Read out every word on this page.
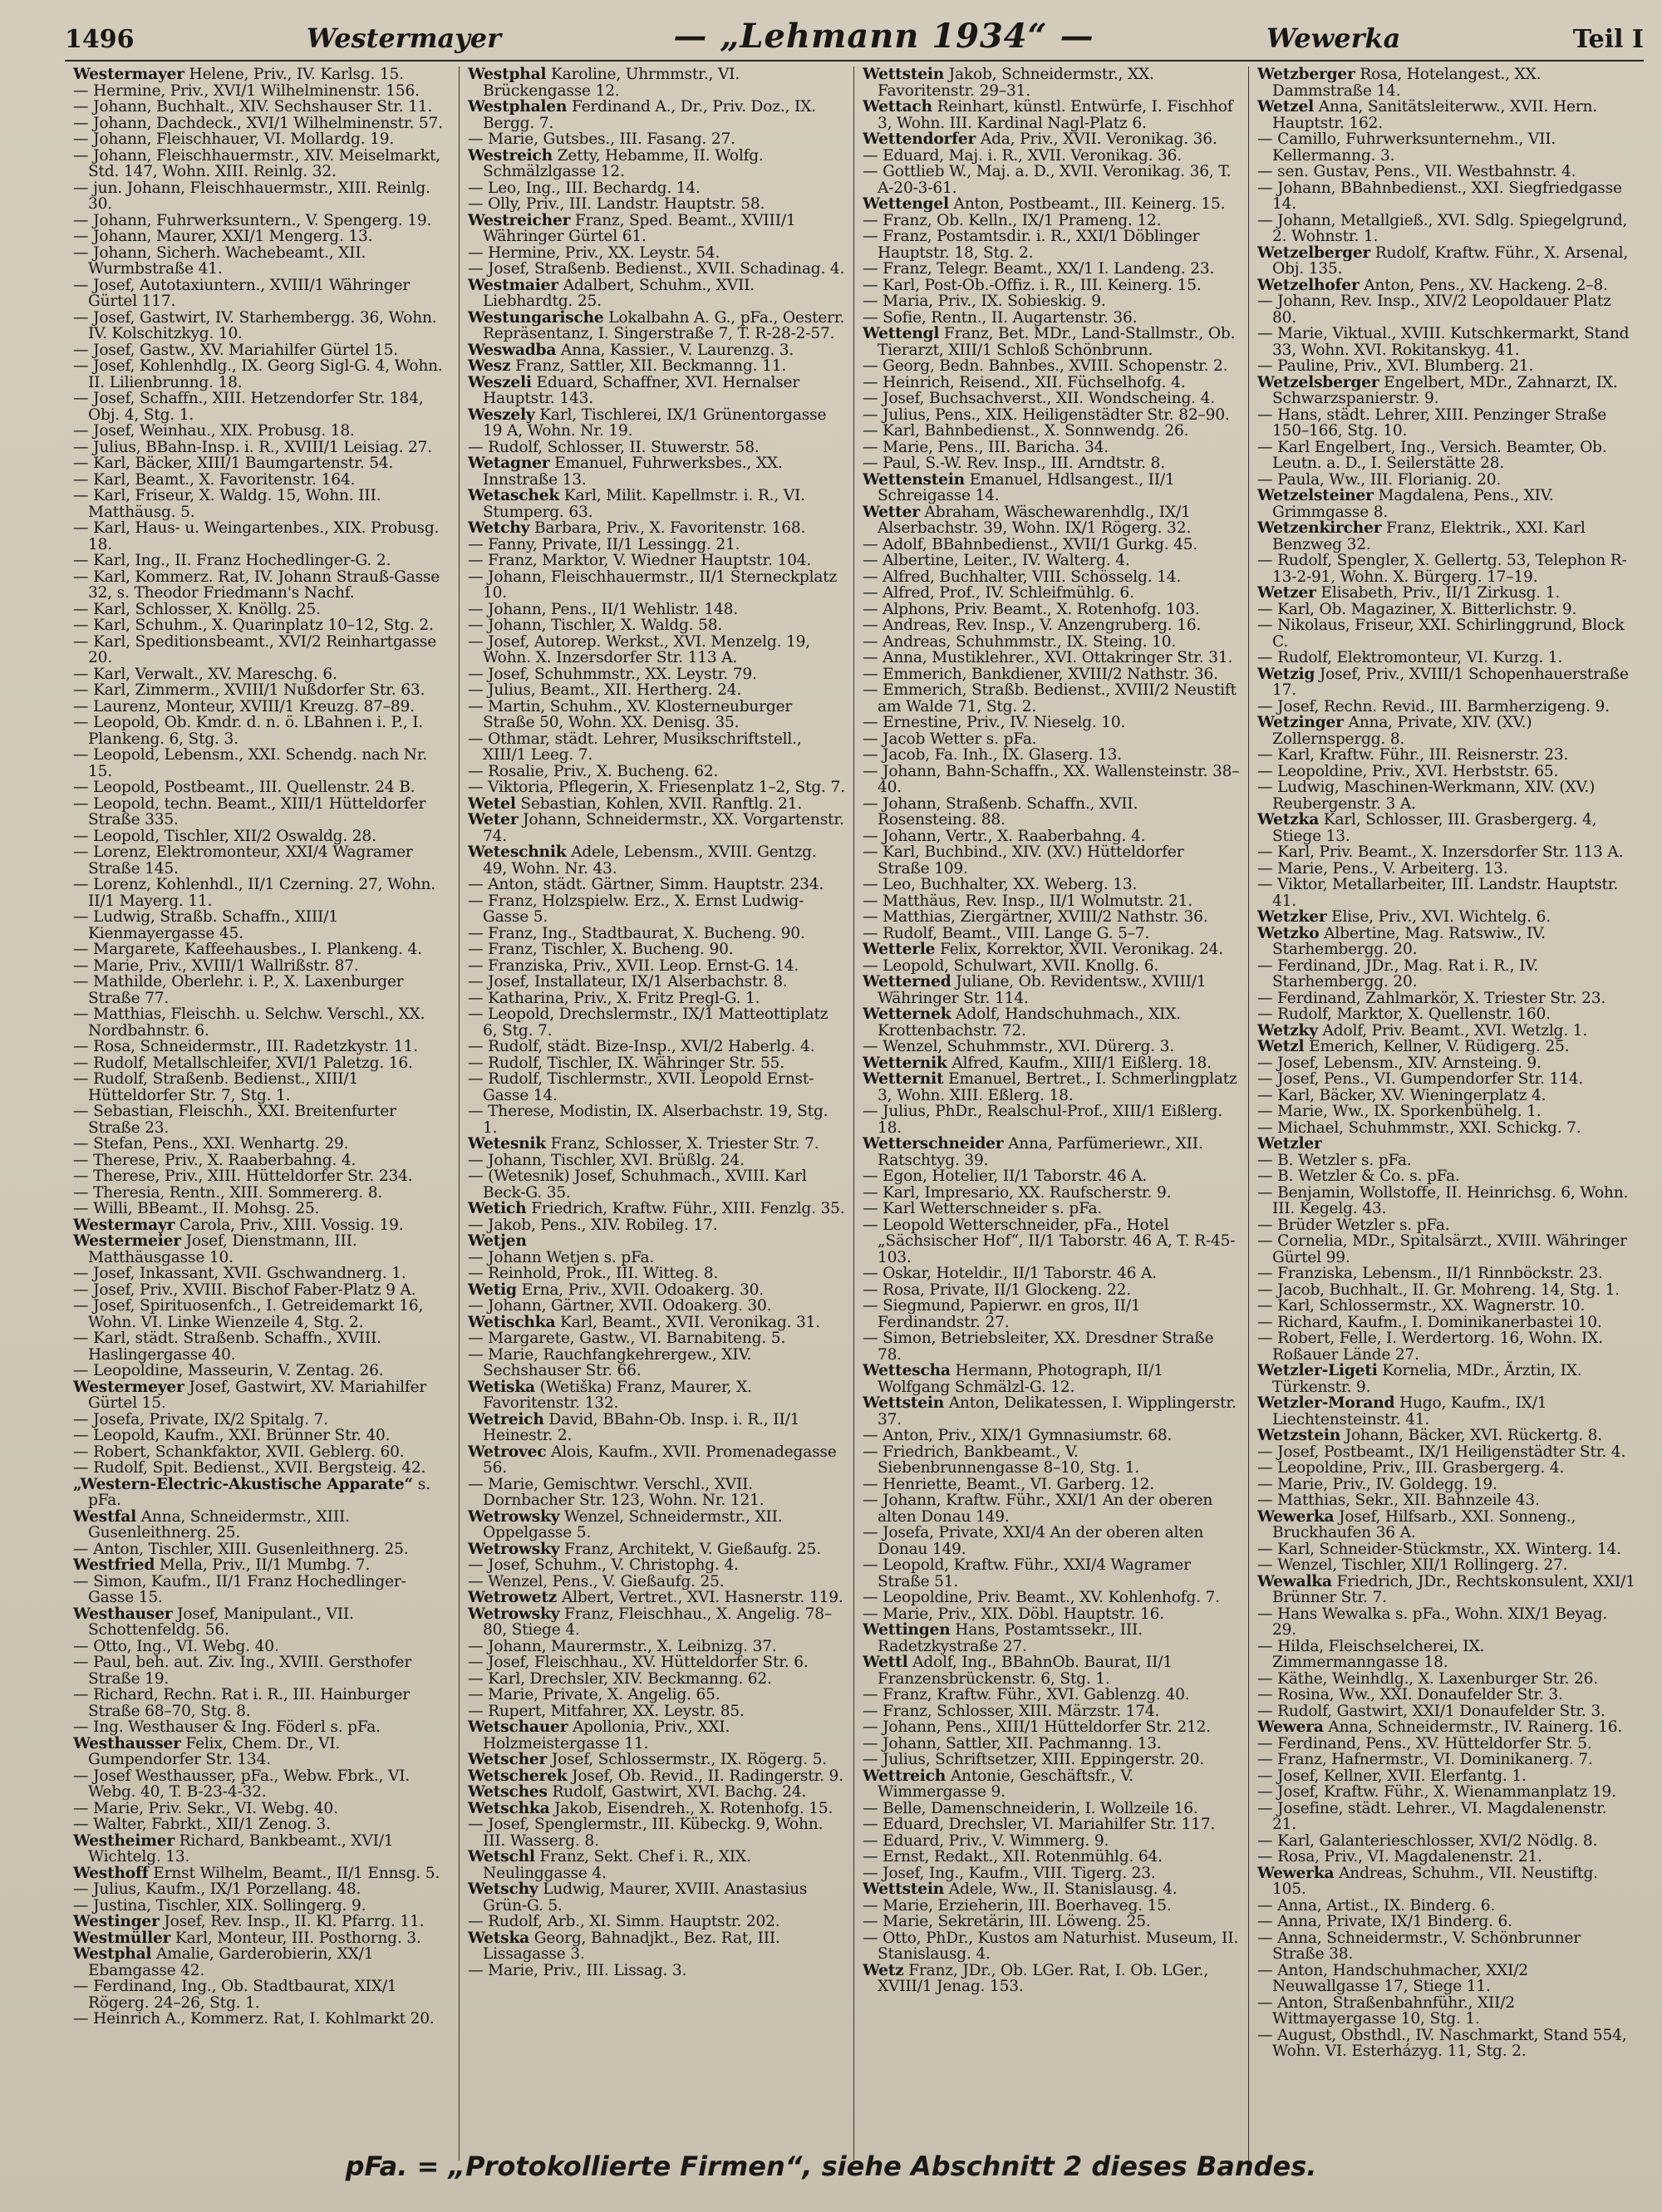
1496	Westermayer	— „Lehmann 1934“ —	Wewerka	Teil I
Westermayer Helene, Priv., IV. Karlsg. 15.
— Hermine, Priv., XVI/1 Wilhelminenstr. 156.
— Johann, Buchhalt., XIV. Sechshauser Str. 11.
— Johann, Dachdeck., XVI/1 Wilhelminenstr. 57.
— Johann, Fleischhauer, VI. Mollardg. 19.
— Johann, Fleischhauermstr., XIV. Meiselmarkt, Std. 147, Wohn. XIII. Reinlg. 32.
— jun. Johann, Fleischhauermstr., XIII. Reinlg. 30.
— Johann, Fuhrwerksuntern., V. Spengerg. 19.
— Johann, Maurer, XXI/1 Mengerg. 13.
— Johann, Sicherh. Wachebeamt., XII. Wurmbstraße 41.
— Josef, Autotaxiuntern., XVIII/1 Währinger Gürtel 117.
— Josef, Gastwirt, IV. Starhembergg. 36, Wohn. IV. Kolschitzkyg. 10.
— Josef, Gastw., XV. Mariahilfer Gürtel 15.
— Josef, Kohlenhdlg., IX. Georg Sigl-G. 4, Wohn. II. Lilienbrunng. 18.
— Josef, Schaffn., XIII. Hetzendorfer Str. 184, Obj. 4, Stg. 1.
— Josef, Weinhau., XIX. Probusg. 18.
— Julius, BBahn-Insp. i. R., XVIII/1 Leisiag. 27.
— Karl, Bäcker, XIII/1 Baumgartenstr. 54.
— Karl, Beamt., X. Favoritenstr. 164.
— Karl, Friseur, X. Waldg. 15, Wohn. III. Matthäusg. 5.
— Karl, Haus- u. Weingartenbes., XIX. Probusg. 18.
— Karl, Ing., II. Franz Hochedlinger-G. 2.
— Karl, Kommerz. Rat, IV. Johann Strauß-Gasse 32, s. Theodor Friedmann's Nachf.
— Karl, Schlosser, X. Knöllg. 25.
— Karl, Schuhm., X. Quarinplatz 10–12, Stg. 2.
— Karl, Speditionsbeamt., XVI/2 Reinhartgasse 20.
— Karl, Verwalt., XV. Mareschg. 6.
— Karl, Zimmerm., XVIII/1 Nußdorfer Str. 63.
— Laurenz, Monteur, XVIII/1 Kreuzg. 87–89.
— Leopold, Ob. Kmdr. d. n. ö. LBahnen i. P., I. Plankeng. 6, Stg. 3.
— Leopold, Lebensm., XXI. Schendg. nach Nr. 15.
— Leopold, Postbeamt., III. Quellenstr. 24 B.
— Leopold, techn. Beamt., XIII/1 Hütteldorfer Straße 335.
— Leopold, Tischler, XII/2 Oswaldg. 28.
— Lorenz, Elektromonteur, XXI/4 Wagramer Straße 145.
— Lorenz, Kohlenhdl., II/1 Czerning. 27, Wohn. II/1 Mayerg. 11.
— Ludwig, Straßb. Schaffn., XIII/1 Kienmayergasse 45.
— Margarete, Kaffeehausbes., I. Plankeng. 4.
— Marie, Priv., XVIII/1 Wallrißstr. 87.
— Mathilde, Oberlehr. i. P., X. Laxenburger Straße 77.
— Matthias, Fleischh. u. Selchw. Verschl., XX. Nordbahnstr. 6.
— Rosa, Schneidermstr., III. Radetzkystr. 11.
— Rudolf, Metallschleifer, XVI/1 Paletzg. 16.
— Rudolf, Straßenb. Bedienst., XIII/1 Hütteldorfer Str. 7, Stg. 1.
— Sebastian, Fleischh., XXI. Breitenfurter Straße 23.
— Stefan, Pens., XXI. Wenhartg. 29.
— Therese, Priv., X. Raaberbahng. 4.
— Therese, Priv., XIII. Hütteldorfer Str. 234.
— Theresia, Rentn., XIII. Sommererg. 8.
— Willi, BBeamt., II. Mohsg. 25.
Westermayr Carola, Priv., XIII. Vossig. 19.
Westermeier Josef, Dienstmann, III. Matthäusgasse 10.
— Josef, Inkassant, XVII. Gschwandnerg. 1.
— Josef, Priv., XVIII. Bischof Faber-Platz 9 A.
— Josef, Spirituosenfch., I. Getreidemarkt 16, Wohn. VI. Linke Wienzeile 4, Stg. 2.
— Karl, städt. Straßenb. Schaffn., XVIII. Haslingergasse 40.
— Leopoldine, Masseurin, V. Zentag. 26.
Westermeyer Josef, Gastwirt, XV. Mariahilfer Gürtel 15.
— Josefa, Private, IX/2 Spitalg. 7.
— Leopold, Kaufm., XXI. Brünner Str. 40.
— Robert, Schankfaktor, XVII. Geblerg. 60.
— Rudolf, Spit. Bedienst., XVII. Bergsteig. 42.
„Western-Electric-Akustische Apparate“ s. pFa.
Westfal Anna, Schneidermstr., XIII. Gusenleithnerg. 25.
— Anton, Tischler, XIII. Gusenleithnerg. 25.
Westfried Mella, Priv., II/1 Mumbg. 7.
— Simon, Kaufm., II/1 Franz Hochedlinger-Gasse 15.
Westhauser Josef, Manipulant., VII. Schottenfeldg. 56.
— Otto, Ing., VI. Webg. 40.
— Paul, beh. aut. Ziv. Ing., XVIII. Gersthofer Straße 19.
— Richard, Rechn. Rat i. R., III. Hainburger Straße 68–70, Stg. 8.
— Ing. Westhauser & Ing. Föderl s. pFa.
Westhausser Felix, Chem. Dr., VI. Gumpendorfer Str. 134.
— Josef Westhausser, pFa., Webw. Fbrk., VI. Webg. 40, T. B-23-4-32.
— Marie, Priv. Sekr., VI. Webg. 40.
— Walter, Fabrkt., XII/1 Zenog. 3.
Westheimer Richard, Bankbeamt., XVI/1 Wichtelg. 13.
Westhoff Ernst Wilhelm, Beamt., II/1 Ennsg. 5.
— Julius, Kaufm., IX/1 Porzellang. 48.
— Justina, Tischler, XIX. Sollingerg. 9.
Westinger Josef, Rev. Insp., II. Kl. Pfarrg. 11.
Westmüller Karl, Monteur, III. Posthorng. 3.
Westphal Amalie, Garderobierin, XX/1 Ebamgasse 42.
— Ferdinand, Ing., Ob. Stadtbaurat, XIX/1 Rögerg. 24–26, Stg. 1.
— Heinrich A., Kommerz. Rat, I. Kohlmarkt 20.
Westphal Karoline, Uhrmmstr., VI. Brückengasse 12.
Westphalen Ferdinand A., Dr., Priv. Doz., IX. Bergg. 7.
— Marie, Gutsbes., III. Fasang. 27.
Westreich Zetty, Hebamme, II. Wolfg. Schmälzlgasse 12.
— Leo, Ing., III. Bechardg. 14.
— Olly, Priv., III. Landstr. Hauptstr. 58.
Westreicher Franz, Sped. Beamt., XVIII/1 Währinger Gürtel 61.
— Hermine, Priv., XX. Leystr. 54.
— Josef, Straßenb. Bedienst., XVII. Schadinag. 4.
Westmaier Adalbert, Schuhm., XVII. Liebhardtg. 25.
Westungarische Lokalbahn A. G., pFa., Oesterr. Repräsentanz, I. Singerstraße 7, T. R-28-2-57.
Weswadba Anna, Kassier., V. Laurenzg. 3.
Wesz Franz, Sattler, XII. Beckmanng. 11.
Weszeli Eduard, Schaffner, XVI. Hernalser Hauptstr. 143.
Weszely Karl, Tischlerei, IX/1 Grünentorgasse 19 A, Wohn. Nr. 19.
— Rudolf, Schlosser, II. Stuwerstr. 58.
Wetagner Emanuel, Fuhrwerksbes., XX. Innstraße 13.
Wetaschek Karl, Milit. Kapellmstr. i. R., VI. Stumperg. 63.
Wetchy Barbara, Priv., X. Favoritenstr. 168.
— Fanny, Private, II/1 Lessingg. 21.
— Franz, Marktor, V. Wiedner Hauptstr. 104.
— Johann, Fleischhauermstr., II/1 Sterneckplatz 10.
— Johann, Pens., II/1 Wehlistr. 148.
— Johann, Tischler, X. Waldg. 58.
— Josef, Autorep. Werkst., XVI. Menzelg. 19, Wohn. X. Inzersdorfer Str. 113 A.
— Josef, Schuhmmstr., XX. Leystr. 79.
— Julius, Beamt., XII. Hertherg. 24.
— Martin, Schuhm., XV. Klosterneuburger Straße 50, Wohn. XX. Denisg. 35.
— Othmar, städt. Lehrer, Musikschriftstell., XIII/1 Leeg. 7.
— Rosalie, Priv., X. Bucheng. 62.
— Viktoria, Pflegerin, X. Friesenplatz 1–2, Stg. 7.
Wetel Sebastian, Kohlen, XVII. Ranftlg. 21.
Weter Johann, Schneidermstr., XX. Vorgartenstr. 74.
Weteschnik Adele, Lebensm., XVIII. Gentzg. 49, Wohn. Nr. 43.
— Anton, städt. Gärtner, Simm. Hauptstr. 234.
— Franz, Holzspielw. Erz., X. Ernst Ludwig-Gasse 5.
— Franz, Ing., Stadtbaurat, X. Bucheng. 90.
— Franz, Tischler, X. Bucheng. 90.
— Franziska, Priv., XVII. Leop. Ernst-G. 14.
— Josef, Installateur, IX/1 Alserbachstr. 8.
— Katharina, Priv., X. Fritz Pregl-G. 1.
— Leopold, Drechslermstr., IX/1 Matteottiplatz 6, Stg. 7.
— Rudolf, städt. Bize-Insp., XVI/2 Haberlg. 4.
— Rudolf, Tischler, IX. Währinger Str. 55.
— Rudolf, Tischlermstr., XVII. Leopold Ernst-Gasse 14.
— Therese, Modistin, IX. Alserbachstr. 19, Stg. 1.
Wetesnik Franz, Schlosser, X. Triester Str. 7.
— Johann, Tischler, XVI. Brüßlg. 24.
— (Wetesnik) Josef, Schuhmach., XVIII. Karl Beck-G. 35.
Wetich Friedrich, Kraftw. Führ., XIII. Fenzlg. 35.
— Jakob, Pens., XIV. Robileg. 17.
Wetjen
— Johann Wetjen s. pFa.
— Reinhold, Prok., III. Witteg. 8.
Wetig Erna, Priv., XVII. Odoakerg. 30.
— Johann, Gärtner, XVII. Odoakerg. 30.
Wetischka Karl, Beamt., XVII. Veronikag. 31.
— Margarete, Gastw., VI. Barnabiteng. 5.
— Marie, Rauchfangkehrergew., XIV. Sechshauser Str. 66.
Wetiska (Wetiška) Franz, Maurer, X. Favoritenstr. 132.
Wetreich David, BBahn-Ob. Insp. i. R., II/1 Heinestr. 2.
Wetrovec Alois, Kaufm., XVII. Promenadegasse 56.
— Marie, Gemischtwr. Verschl., XVII. Dornbacher Str. 123, Wohn. Nr. 121.
Wetrowsky Wenzel, Schneidermstr., XII. Oppelgasse 5.
Wetrowsky Franz, Architekt, V. Gießaufg. 25.
— Josef, Schuhm., V. Christophg. 4.
— Wenzel, Pens., V. Gießaufg. 25.
Wetrowetz Albert, Vertret., XVI. Hasnerstr. 119.
Wetrowsky Franz, Fleischhau., X. Angelig. 78–80, Stiege 4.
— Johann, Maurermstr., X. Leibnizg. 37.
— Josef, Fleischhau., XV. Hütteldorfer Str. 6.
— Karl, Drechsler, XIV. Beckmanng. 62.
— Marie, Private, X. Angelig. 65.
— Rupert, Mitfahrer, XX. Leystr. 85.
Wetschauer Apollonia, Priv., XXI. Holzmeistergasse 11.
Wetscher Josef, Schlossermstr., IX. Rögerg. 5.
Wetscherek Josef, Ob. Revid., II. Radingerstr. 9.
Wetsches Rudolf, Gastwirt, XVI. Bachg. 24.
Wetschka Jakob, Eisendreh., X. Rotenhofg. 15.
— Josef, Spenglermstr., III. Kübeckg. 9, Wohn. III. Wasserg. 8.
Wetschl Franz, Sekt. Chef i. R., XIX. Neulinggasse 4.
Wetschy Ludwig, Maurer, XVIII. Anastasius Grün-G. 5.
— Rudolf, Arb., XI. Simm. Hauptstr. 202.
Wetska Georg, Bahnadjkt., Bez. Rat, III. Lissagasse 3.
— Marie, Priv., III. Lissag. 3.
Wettstein Jakob, Schneidermstr., XX. Favoritenstr. 29–31.
Wettach Reinhart, künstl. Entwürfe, I. Fischhof 3, Wohn. III. Kardinal Nagl-Platz 6.
Wettendorfer Ada, Priv., XVII. Veronikag. 36.
— Eduard, Maj. i. R., XVII. Veronikag. 36.
— Gottlieb W., Maj. a. D., XVII. Veronikag. 36, T. A-20-3-61.
Wettengel Anton, Postbeamt., III. Keinerg. 15.
— Franz, Ob. Kelln., IX/1 Prameng. 12.
— Franz, Postamtsdir. i. R., XXI/1 Döblinger Hauptstr. 18, Stg. 2.
— Franz, Telegr. Beamt., XX/1 I. Landeng. 23.
— Karl, Post-Ob.-Offiz. i. R., III. Keinerg. 15.
— Maria, Priv., IX. Sobieskig. 9.
— Sofie, Rentn., II. Augartenstr. 36.
Wettengl Franz, Bet. MDr., Land-Stallmstr., Ob. Tierarzt, XIII/1 Schloß Schönbrunn.
— Georg, Bedn. Bahnbes., XVIII. Schopenstr. 2.
— Heinrich, Reisend., XII. Füchselhofg. 4.
— Josef, Buchsachverst., XII. Wondscheing. 4.
— Julius, Pens., XIX. Heiligenstädter Str. 82–90.
— Karl, Bahnbedienst., X. Sonnwendg. 26.
— Marie, Pens., III. Baricha. 34.
— Paul, S.-W. Rev. Insp., III. Arndtstr. 8.
Wettenstein Emanuel, Hdlsangest., II/1 Schreigasse 14.
Wetter Abraham, Wäschewarenhdlg., IX/1 Alserbachstr. 39, Wohn. IX/1 Rögerg. 32.
— Adolf, BBahnbedienst., XVII/1 Gurkg. 45.
— Albertine, Leiter., IV. Walterg. 4.
— Alfred, Buchhalter, VIII. Schösselg. 14.
— Alfred, Prof., IV. Schleifmühlg. 6.
— Alphons, Priv. Beamt., X. Rotenhofg. 103.
— Andreas, Rev. Insp., V. Anzengruberg. 16.
— Andreas, Schuhmmstr., IX. Steing. 10.
— Anna, Mustiklehrer., XVI. Ottakringer Str. 31.
— Emmerich, Bankdiener, XVIII/2 Nathstr. 36.
— Emmerich, Straßb. Bedienst., XVIII/2 Neustift am Walde 71, Stg. 2.
— Ernestine, Priv., IV. Nieselg. 10.
— Jacob Wetter s. pFa.
— Jacob, Fa. Inh., IX. Glaserg. 13.
— Johann, Bahn-Schaffn., XX. Wallensteinstr. 38–40.
— Johann, Straßenb. Schaffn., XVII. Rosensteing. 88.
— Johann, Vertr., X. Raaberbahng. 4.
— Karl, Buchbind., XIV. (XV.) Hütteldorfer Straße 109.
— Leo, Buchhalter, XX. Weberg. 13.
— Matthäus, Rev. Insp., II/1 Wolmutstr. 21.
— Matthias, Ziergärtner, XVIII/2 Nathstr. 36.
— Rudolf, Beamt., VIII. Lange G. 5–7.
Wetterle Felix, Korrektor, XVII. Veronikag. 24.
— Leopold, Schulwart, XVII. Knollg. 6.
Wetterned Juliane, Ob. Revidentsw., XVIII/1 Währinger Str. 114.
Wetternek Adolf, Handschuhmach., XIX. Krottenbachstr. 72.
— Wenzel, Schuhmmstr., XVI. Dürerg. 3.
Wetternik Alfred, Kaufm., XIII/1 Eißlerg. 18.
Wetternit Emanuel, Bertret., I. Schmerlingplatz 3, Wohn. XIII. Eßlerg. 18.
— Julius, PhDr., Realschul-Prof., XIII/1 Eißlerg. 18.
Wetterschneider Anna, Parfümeriewr., XII. Ratschtyg. 39.
— Egon, Hotelier, II/1 Taborstr. 46 A.
— Karl, Impresario, XX. Raufscherstr. 9.
— Karl Wetterschneider s. pFa.
— Leopold Wetterschneider, pFa., Hotel „Sächsischer Hof“, II/1 Taborstr. 46 A, T. R-45-103.
— Oskar, Hoteldir., II/1 Taborstr. 46 A.
— Rosa, Private, II/1 Glockeng. 22.
— Siegmund, Papierwr. en gros, II/1 Ferdinandstr. 27.
— Simon, Betriebsleiter, XX. Dresdner Straße 78.
Wettescha Hermann, Photograph, II/1 Wolfgang Schmälzl-G. 12.
Wettstein Anton, Delikatessen, I. Wipplingerstr. 37.
— Anton, Priv., XIX/1 Gymnasiumstr. 68.
— Friedrich, Bankbeamt., V. Siebenbrunnengasse 8–10, Stg. 1.
— Henriette, Beamt., VI. Garberg. 12.
— Johann, Kraftw. Führ., XXI/1 An der oberen alten Donau 149.
— Josefa, Private, XXI/4 An der oberen alten Donau 149.
— Leopold, Kraftw. Führ., XXI/4 Wagramer Straße 51.
— Leopoldine, Priv. Beamt., XV. Kohlenhofg. 7.
— Marie, Priv., XIX. Döbl. Hauptstr. 16.
Wettingen Hans, Postamtssekr., III. Radetzkystraße 27.
Wettl Adolf, Ing., BBahnOb. Baurat, II/1 Franzensbrückenstr. 6, Stg. 1.
— Franz, Kraftw. Führ., XVI. Gablenzg. 40.
— Franz, Schlosser, XIII. Märzstr. 174.
— Johann, Pens., XIII/1 Hütteldorfer Str. 212.
— Johann, Sattler, XII. Pachmanng. 13.
— Julius, Schriftsetzer, XIII. Eppingerstr. 20.
Wettreich Antonie, Geschäftsfr., V. Wimmergasse 9.
— Belle, Damenschneiderin, I. Wollzeile 16.
— Eduard, Drechsler, VI. Mariahilfer Str. 117.
— Eduard, Priv., V. Wimmerg. 9.
— Ernst, Redakt., XII. Rotenmühlg. 64.
— Josef, Ing., Kaufm., VIII. Tigerg. 23.
Wettstein Adele, Ww., II. Stanislausg. 4.
— Marie, Erzieherin, III. Boerhaveg. 15.
— Marie, Sekretärin, III. Löweng. 25.
— Otto, PhDr., Kustos am Naturhist. Museum, II. Stanislausg. 4.
Wetz Franz, JDr., Ob. LGer. Rat, I. Ob. LGer., XVIII/1 Jenag. 153.
Wetzberger Rosa, Hotelangest., XX. Dammstraße 14.
Wetzel Anna, Sanitätsleiterww., XVII. Hern. Hauptstr. 162.
— Camillo, Fuhrwerksunternehm., VII. Kellermanng. 3.
— sen. Gustav, Pens., VII. Westbahnstr. 4.
— Johann, BBahnbedienst., XXI. Siegfriedgasse 14.
— Johann, Metallgieß., XVI. Sdlg. Spiegelgrund, 2. Wohnstr. 1.
Wetzelberger Rudolf, Kraftw. Führ., X. Arsenal, Obj. 135.
Wetzelhofer Anton, Pens., XV. Hackeng. 2–8.
— Johann, Rev. Insp., XIV/2 Leopoldauer Platz 80.
— Marie, Viktual., XVIII. Kutschkermarkt, Stand 33, Wohn. XVI. Rokitanskyg. 41.
— Pauline, Priv., XVI. Blumberg. 21.
Wetzelsberger Engelbert, MDr., Zahnarzt, IX. Schwarzspanierstr. 9.
— Hans, städt. Lehrer, XIII. Penzinger Straße 150–166, Stg. 10.
— Karl Engelbert, Ing., Versich. Beamter, Ob. Leutn. a. D., I. Seilerstätte 28.
— Paula, Ww., III. Florianig. 20.
Wetzelsteiner Magdalena, Pens., XIV. Grimmgasse 8.
Wetzenkircher Franz, Elektrik., XXI. Karl Benzweg 32.
— Rudolf, Spengler, X. Gellertg. 53, Telephon R-13-2-91, Wohn. X. Bürgerg. 17–19.
Wetzer Elisabeth, Priv., II/1 Zirkusg. 1.
— Karl, Ob. Magaziner, X. Bitterlichstr. 9.
— Nikolaus, Friseur, XXI. Schirlinggrund, Block C.
— Rudolf, Elektromonteur, VI. Kurzg. 1.
Wetzig Josef, Priv., XVIII/1 Schopenhauerstraße 17.
— Josef, Rechn. Revid., III. Barmherzigeng. 9.
Wetzinger Anna, Private, XIV. (XV.) Zollernspergg. 8.
— Karl, Kraftw. Führ., III. Reisnerstr. 23.
— Leopoldine, Priv., XVI. Herbststr. 65.
— Ludwig, Maschinen-Werkmann, XIV. (XV.) Reubergenstr. 3 A.
Wetzka Karl, Schlosser, III. Grasbergerg. 4, Stiege 13.
— Karl, Priv. Beamt., X. Inzersdorfer Str. 113 A.
— Marie, Pens., V. Arbeiterg. 13.
— Viktor, Metallarbeiter, III. Landstr. Hauptstr. 41.
Wetzker Elise, Priv., XVI. Wichtelg. 6.
Wetzko Albertine, Mag. Ratswiw., IV. Starhembergg. 20.
— Ferdinand, JDr., Mag. Rat i. R., IV. Starhembergg. 20.
— Ferdinand, Zahlmarkör, X. Triester Str. 23.
— Rudolf, Marktor, X. Quellenstr. 160.
Wetzky Adolf, Priv. Beamt., XVI. Wetzlg. 1.
Wetzl Emerich, Kellner, V. Rüdigerg. 25.
— Josef, Lebensm., XIV. Arnsteing. 9.
— Josef, Pens., VI. Gumpendorfer Str. 114.
— Karl, Bäcker, XV. Wieningerplatz 4.
— Marie, Ww., IX. Sporkenbühelg. 1.
— Michael, Schuhmmstr., XXI. Schickg. 7.
Wetzler
— B. Wetzler s. pFa.
— B. Wetzler & Co. s. pFa.
— Benjamin, Wollstoffe, II. Heinrichsg. 6, Wohn. III. Kegelg. 43.
— Brüder Wetzler s. pFa.
— Cornelia, MDr., Spitalsärzt., XVIII. Währinger Gürtel 99.
— Franziska, Lebensm., II/1 Rinnböckstr. 23.
— Jacob, Buchhalt., II. Gr. Mohreng. 14, Stg. 1.
— Karl, Schlossermstr., XX. Wagnerstr. 10.
— Richard, Kaufm., I. Dominikanerbastei 10.
— Robert, Felle, I. Werdertorg. 16, Wohn. IX. Roßauer Lände 27.
Wetzler-Ligeti Kornelia, MDr., Ärztin, IX. Türkenstr. 9.
Wetzler-Morand Hugo, Kaufm., IX/1 Liechtensteinstr. 41.
Wetzstein Johann, Bäcker, XVI. Rückertg. 8.
— Josef, Postbeamt., IX/1 Heiligenstädter Str. 4.
— Leopoldine, Priv., III. Grasbergerg. 4.
— Marie, Priv., IV. Goldegg. 19.
— Matthias, Sekr., XII. Bahnzeile 43.
Wewerka Josef, Hilfsarb., XXI. Sonneng., Bruckhaufen 36 A.
— Karl, Schneider-Stückmstr., XX. Winterg. 14.
— Wenzel, Tischler, XII/1 Rollingerg. 27.
Wewalka Friedrich, JDr., Rechtskonsulent, XXI/1 Brünner Str. 7.
— Hans Wewalka s. pFa., Wohn. XIX/1 Beyag. 29.
— Hilda, Fleischselcherei, IX. Zimmermanngasse 18.
— Käthe, Weinhdlg., X. Laxenburger Str. 26.
— Rosina, Ww., XXI. Donaufelder Str. 3.
— Rudolf, Gastwirt, XXI/1 Donaufelder Str. 3.
Wewera Anna, Schneidermstr., IV. Rainerg. 16.
— Ferdinand, Pens., XV. Hütteldorfer Str. 5.
— Franz, Hafnermstr., VI. Dominikanerg. 7.
— Josef, Kellner, XVII. Elerfantg. 1.
— Josef, Kraftw. Führ., X. Wienammanplatz 19.
— Josefine, städt. Lehrer., VI. Magdalenenstr. 21.
— Karl, Galanterieschlosser, XVI/2 Nödlg. 8.
— Rosa, Priv., VI. Magdalenenstr. 21.
Wewerka Andreas, Schuhm., VII. Neustiftg. 105.
— Anna, Artist., IX. Binderg. 6.
— Anna, Private, IX/1 Binderg. 6.
— Anna, Schneidermstr., V. Schönbrunner Straße 38.
— Anton, Handschuhmacher, XXI/2 Neuwallgasse 17, Stiege 11.
— Anton, Straßenbahnführ., XII/2 Wittmayergasse 10, Stg. 1.
— August, Obsthdl., IV. Naschmarkt, Stand 554, Wohn. VI. Esterházyg. 11, Stg. 2.
pFa. = „Protokollierte Firmen“, siehe Abschnitt 2 dieses Bandes.
